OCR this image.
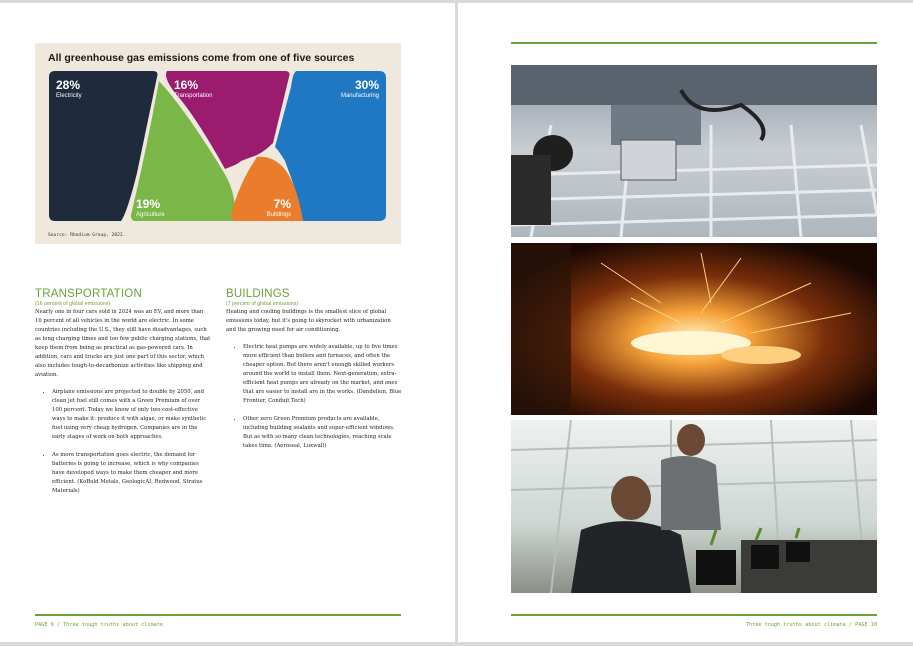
All greenhouse gas emissions come from one of five sources
28%
Electricity
16%
Transportation
30%
Manufacturing
19%
Agriculture
7%
Buildings
Source: Rhodium Group, 2022.
TRANSPORTATION
(16 percent of global emissions)

Nearly one in four cars sold in 2024 was an EV, and more than 10 percent of all vehicles in the world are electric. In some countries including the U.S., they still have disadvantages, such as long charging times and too few public charging stations, that keep them from being as practical as gas-powered cars. In addition, cars and trucks are just one part of this sector, which also includes tough-to-decarbonize activities like shipping and aviation.

• Airplane emissions are projected to double by 2050, and clean jet fuel still comes with a Green Premium of over 100 percent. Today we know of only two cost-effective ways to make it: produce it with algae, or make synthetic fuel using very cheap hydrogen. Companies are in the early stages of work on both approaches.
• As more transportation goes electric, the demand for batteries is going to increase, which is why companies have developed ways to make them cheaper and more efficient. (KoBold Metals, GeologicAI, Redwood, Stratus Materials)
BUILDINGS
(7 percent of global emissions)

Heating and cooling buildings is the smallest slice of global emissions today, but it's going to skyrocket with urbanization and the growing need for air conditioning.

• Electric heat pumps are widely available, up to five times more efficient than boilers and furnaces, and often the cheaper option. But there aren't enough skilled workers around the world to install them. Next-generation, extra-efficient heat pumps are already on the market, and ones that are easier to install are in the works. (Dandelion, Blue Frontier, Conduit Tech)
• Other zero Green Premium products are available, including building sealants and super-efficient windows. But as with so many clean technologies, reaching scale takes time. (Aeroseal, Luxwall)
PAGE 9 / Three tough truths about climate	Three tough truths about climate / PAGE 10
